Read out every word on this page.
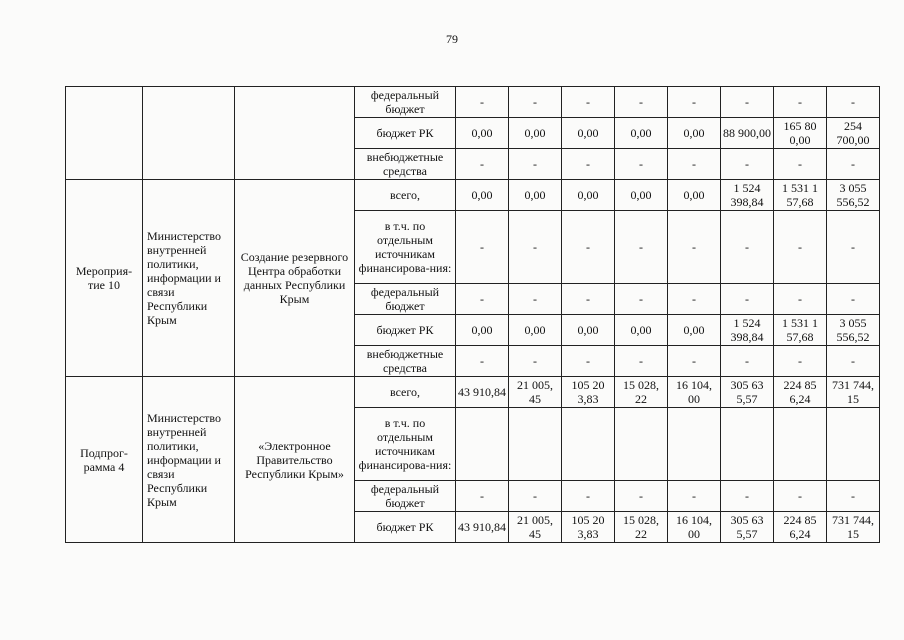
79
			федеральный бюджет	-	-	-	-	-	-	-	-
			бюджет РК	0,00	0,00	0,00	0,00	0,00	88 900,00	165 80 0,00	254 700,00
			внебюджетные средства	-	-	-	-	-	-	-	-
Мероприя-тие 10	Министерство внутренней политики, информации и связи Республики Крым	Создание резервного Центра обработки данных Республики Крым	всего,	0,00	0,00	0,00	0,00	0,00	1 524 398,84	1 531 1 57,68	3 055 556,52
			в т.ч. по отдельным источникам финансирова-ния:	-	-	-	-	-	-	-	-
			федеральный бюджет	-	-	-	-	-	-	-	-
			бюджет РК	0,00	0,00	0,00	0,00	0,00	1 524 398,84	1 531 1 57,68	3 055 556,52
			внебюджетные средства	-	-	-	-	-	-	-	-
Подпрог-рамма 4	Министерство внутренней политики, информации и связи Республики Крым	«Электронное Правительство Республики Крым»	всего,	43 910,84	21 005, 45	105 20 3,83	15 028, 22	16 104, 00	305 63 5,57	224 85 6,24	731 744, 15
			в т.ч. по отдельным источникам финансирова-ния:								
			федеральный бюджет	-	-	-	-	-	-	-	-
			бюджет РК	43 910,84	21 005, 45	105 20 3,83	15 028, 22	16 104, 00	305 63 5,57	224 85 6,24	731 744, 15
